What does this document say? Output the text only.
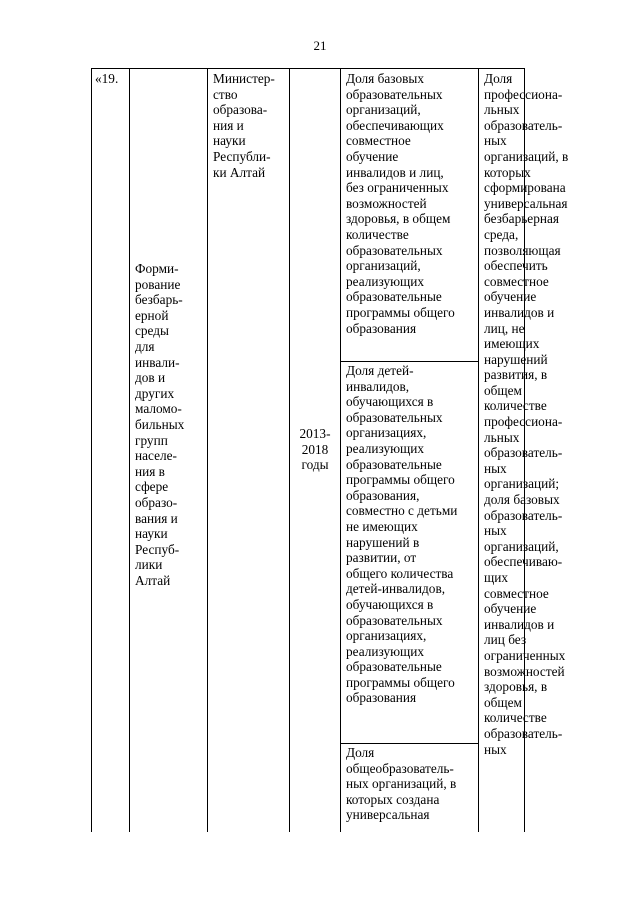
21
«19.
Форми-
рование
безбарь-
ерной
среды
для
инвали-
дов и
других
маломо-
бильных
групп
населе-
ния в
сфере
образо-
вания и
науки
Респуб-
лики
Алтай
Министер-
ство
образова-
ния и
науки
Республи-
ки Алтай
2013-
2018
годы
Доля базовых
образовательных
организаций,
обеспечивающих
совместное
обучение
инвалидов и лиц,
без ограниченных
возможностей
здоровья, в общем
количестве
образовательных
организаций,
реализующих
образовательные
программы общего
образования
Доля детей-
инвалидов,
обучающихся в
образовательных
организациях,
реализующих
образовательные
программы общего
образования,
совместно с детьми
не имеющих
нарушений в
развитии, от
общего количества
детей-инвалидов,
обучающихся в
образовательных
организациях,
реализующих
образовательные
программы общего
образования
Доля
общеобразователь-
ных организаций, в
которых создана
универсальная
Доля
профессиона-
льных
образователь-
ных
организаций, в
которых
сформирована
универсальная
безбарьерная
среда,
позволяющая
обеспечить
совместное
обучение
инвалидов и
лиц, не
имеющих
нарушений
развития, в
общем
количестве
профессиона-
льных
образователь-
ных
организаций;
доля базовых
образователь-
ных
организаций,
обеспечиваю-
щих
совместное
обучение
инвалидов и
лиц без
ограниченных
возможностей
здоровья, в
общем
количестве
образователь-
ных
